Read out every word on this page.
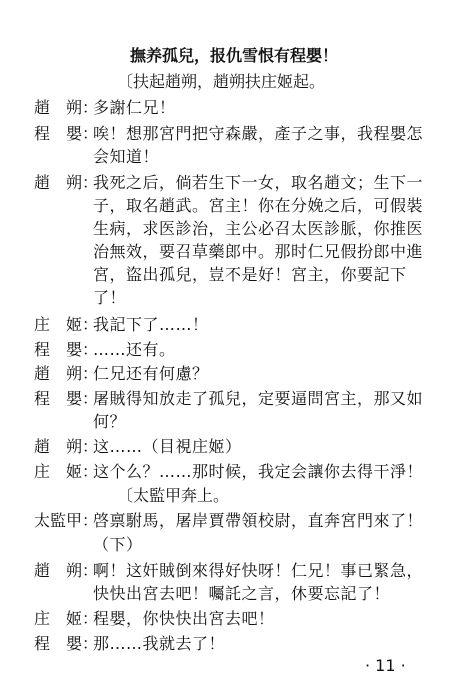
撫养孤兒，报仇雪恨有程嬰！
〔扶起趙朔，趙朔扶庄姬起。
趙　朔：
多謝仁兄！
程　嬰：
唉！想那宮門把守森嚴，產子之事，我程嬰怎
会知道！
趙　朔：
我死之后，倘若生下一女，取名趙文；生下一
子，取名趙武。宮主！你在分娩之后，可假裝
生病，求医診治，主公必召太医診脈，你推医
治無效，要召草藥郎中。那时仁兄假扮郎中進
宮，盜出孤兒，豈不是好！宮主，你要記下
了！
庄　姬：
我記下了……！
程　嬰：
……还有。
趙　朔：
仁兄还有何慮？
程　嬰：
屠賊得知放走了孤兒，定要逼問宮主，那又如
何？
趙　朔：
这……（目視庄姬）
庄　姬：
这个么？……那时候，我定会讓你去得干淨！
〔太監甲奔上。
太監甲：
啓禀駙馬，屠岸賈帶領校尉，直奔宮門來了！
（下）
趙　朔：
啊！这奸賊倒來得好快呀！仁兄！事已緊急，
快快出宮去吧！囑託之言，休要忘記了！
庄　姬：
程嬰，你快快出宮去吧！
程　嬰：
那……我就去了！
· 11 ·
